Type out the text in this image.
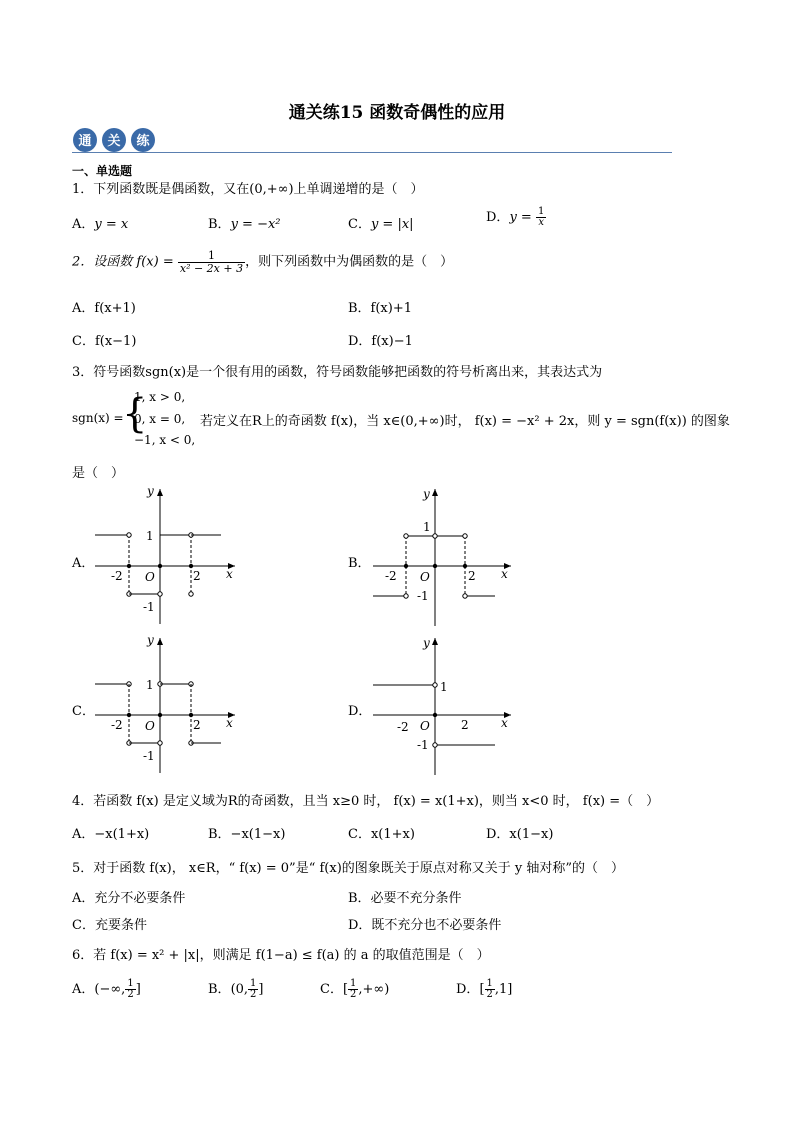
通关练15 函数奇偶性的应用
通 关 练
一、单选题
1．下列函数既是偶函数，又在(0,+∞)上单调递增的是（　）
A．y = x	B．y = −x²	C．y = |x|	D．$y = \frac{1}{x}$
2．设函数 $f(x) = \frac{1}{\text{x² − 2x + 3}}$ ，则下列函数中为偶函数的是（　）
A．f(x+1)	B．f(x)+1
C．f(x−1)	D．f(x)−1
3．符号函数sgn(x)是一个很有用的函数，符号函数能够把函数的符号析离出来，其表达式为
sgn(x) =
{
1, x > 0,
0, x = 0,
−1, x < 0,
若定义在R上的奇函数 f(x)，当 x∈(0,+∞)时， f(x) = −x² + 2x，则 y = sgn(f(x)) 的图象
是（　）
A．	B．
C．	D．
y
x
O
1
-1
-2	2
y
x
O
1
-1
-2	2
y
x
O
1
-1
-2	2
y
x
O
1
-1
-2	2
4．若函数 f(x) 是定义域为R的奇函数，且当 x≥0 时， f(x) = x(1+x)，则当 x<0 时， f(x) =（　）
A．−x(1+x)	B．−x(1−x)	C．x(1+x)	D．x(1−x)
5．对于函数 f(x)， x∈R，“ f(x) = 0”是“ f(x)的图象既关于原点对称又关于 y 轴对称”的（　）
A．充分不必要条件	B．必要不充分条件
C．充要条件	D．既不充分也不必要条件
6．若 f(x) = x² + |x|，则满足 f(1−a) ≤ f(a) 的 a 的取值范围是（　）
A．(−∞, $\frac{1}{2}$ ]	B．(0, $\frac{1}{2}$ ]	C．[ $\frac{1}{2}$ ,+∞)	D．[ $\frac{1}{2} ,1$]
